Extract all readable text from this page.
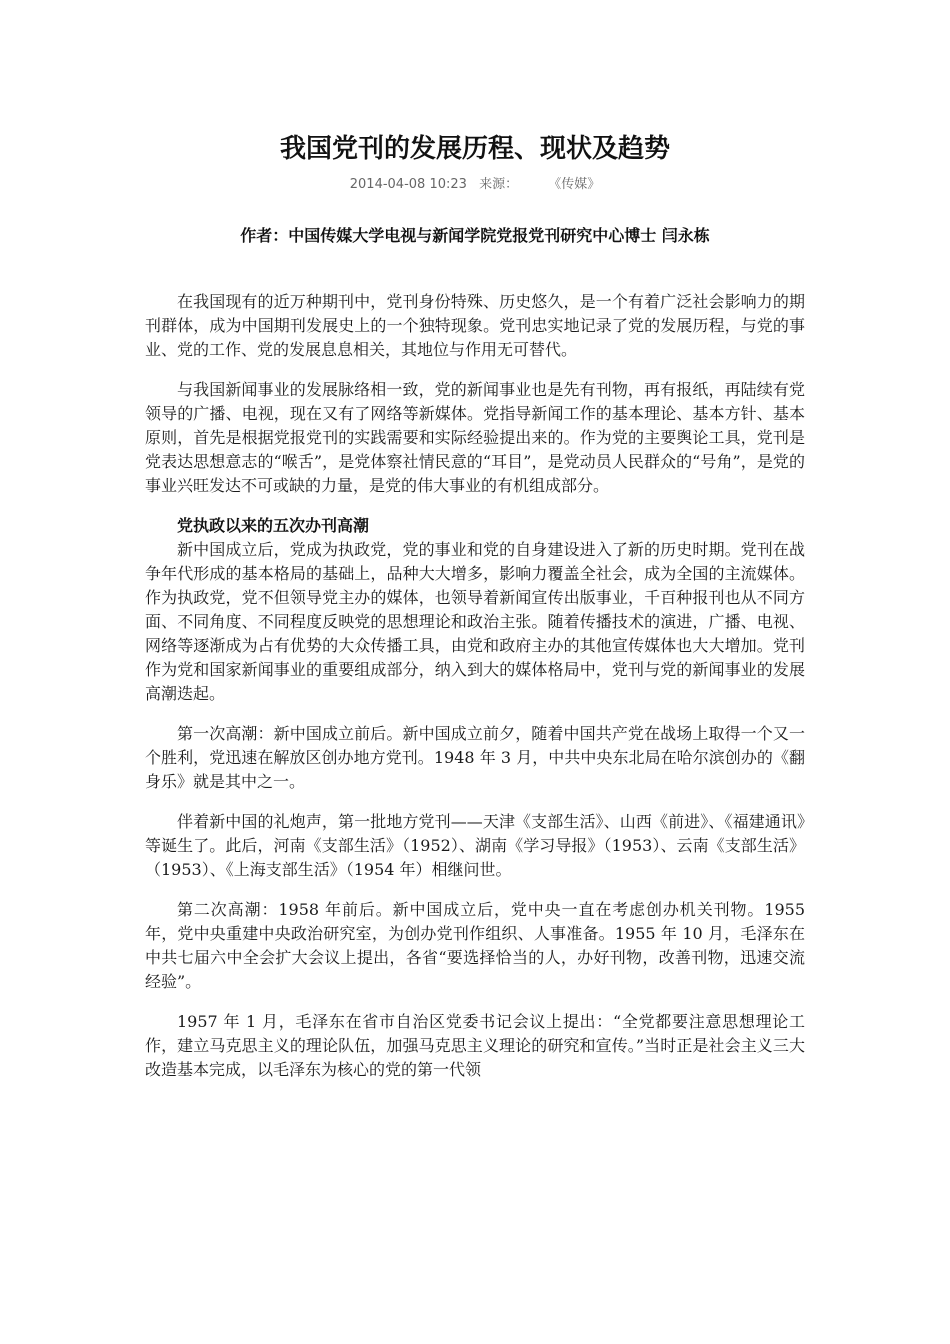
我国党刊的发展历程、现状及趋势
2014-04-08 10:23 来源： 《传媒》
作者：中国传媒大学电视与新闻学院党报党刊研究中心博士 闫永栋

在我国现有的近万种期刊中，党刊身份特殊、历史悠久，是一个有着广泛社会影响力的期刊群体，成为中国期刊发展史上的一个独特现象。党刊忠实地记录了党的发展历程，与党的事业、党的工作、党的发展息息相关，其地位与作用无可替代。

与我国新闻事业的发展脉络相一致，党的新闻事业也是先有刊物，再有报纸，再陆续有党领导的广播、电视，现在又有了网络等新媒体。党指导新闻工作的基本理论、基本方针、基本原则，首先是根据党报党刊的实践需要和实际经验提出来的。作为党的主要舆论工具，党刊是党表达思想意志的“喉舌”，是党体察社情民意的“耳目”，是党动员人民群众的“号角”，是党的事业兴旺发达不可或缺的力量，是党的伟大事业的有机组成部分。

党执政以来的五次办刊高潮

新中国成立后，党成为执政党，党的事业和党的自身建设进入了新的历史时期。党刊在战争年代形成的基本格局的基础上，品种大大增多，影响力覆盖全社会，成为全国的主流媒体。作为执政党，党不但领导党主办的媒体，也领导着新闻宣传出版事业，千百种报刊也从不同方面、不同角度、不同程度反映党的思想理论和政治主张。随着传播技术的演进，广播、电视、网络等逐渐成为占有优势的大众传播工具，由党和政府主办的其他宣传媒体也大大增加。党刊作为党和国家新闻事业的重要组成部分，纳入到大的媒体格局中，党刊与党的新闻事业的发展高潮迭起。

第一次高潮：新中国成立前后。新中国成立前夕，随着中国共产党在战场上取得一个又一个胜利，党迅速在解放区创办地方党刊。1948 年 3 月，中共中央东北局在哈尔滨创办的《翻身乐》就是其中之一。

伴着新中国的礼炮声，第一批地方党刊——天津《支部生活》、山西《前进》、《福建通讯》等诞生了。此后，河南《支部生活》（1952）、湖南《学习导报》（1953）、云南《支部生活》（1953）、《上海支部生活》（1954 年）相继问世。

第二次高潮：1958 年前后。新中国成立后，党中央一直在考虑创办机关刊物。1955 年，党中央重建中央政治研究室，为创办党刊作组织、人事准备。1955 年 10 月，毛泽东在中共七届六中全会扩大会议上提出，各省“要选择恰当的人，办好刊物，改善刊物，迅速交流经验”。

1957 年 1 月，毛泽东在省市自治区党委书记会议上提出：“全党都要注意思想理论工作，建立马克思主义的理论队伍，加强马克思主义理论的研究和宣传。”当时正是社会主义三大改造基本完成，以毛泽东为核心的党的第一代领
